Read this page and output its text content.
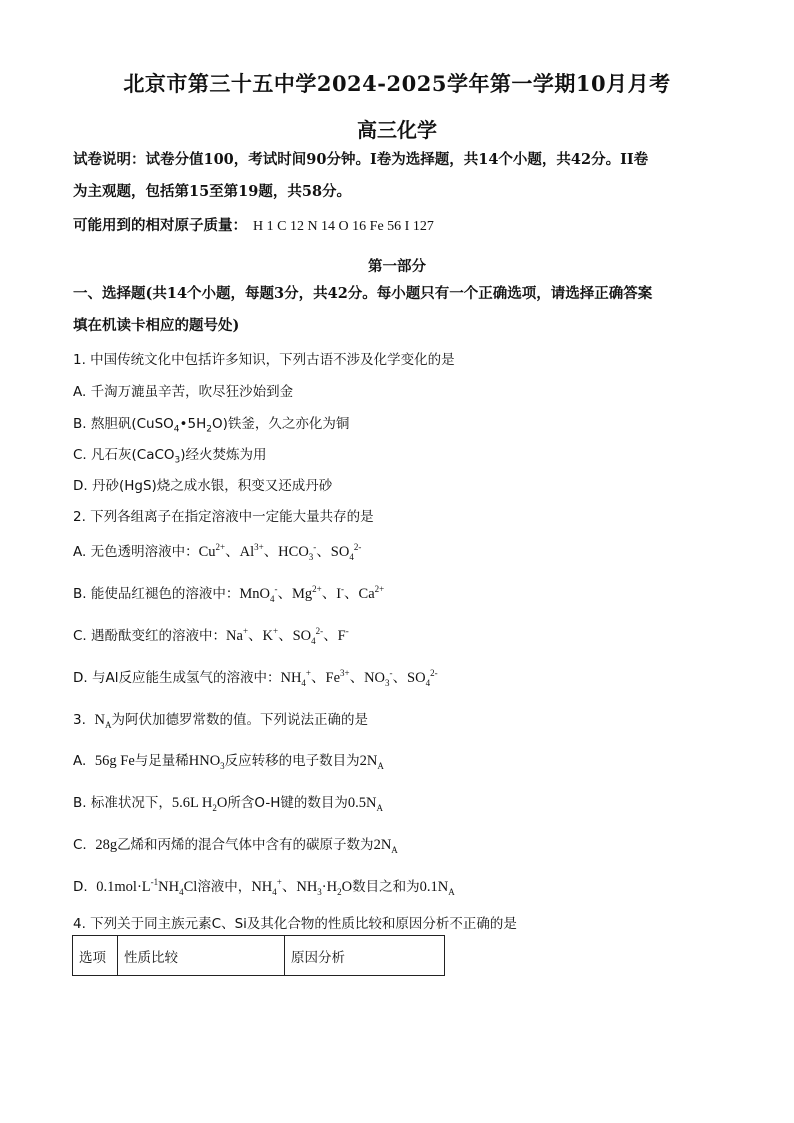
北京市第三十五中学2024-2025学年第一学期10月月考
高三化学
试卷说明：试卷分值100，考试时间90分钟。I卷为选择题，共14个小题，共42分。II卷
为主观题，包括第15至第19题，共58分。
可能用到的相对原子质量： H 1 C 12 N 14 O 16 Fe 56 I 127
第一部分
一、选择题(共14个小题，每题3分，共42分。每小题只有一个正确选项，请选择正确答案
填在机读卡相应的题号处)
1. 中国传统文化中包括许多知识，下列古语不涉及化学变化的是
A. 千淘万漉虽辛苦，吹尽狂沙始到金
B. 熬胆矾$(CuSO_4•5H_2O)$铁釜，久之亦化为铜
C. 凡石灰(CaCO$_3$)经火焚炼为用
D. 丹砂(HgS)烧之成水银，积变又还成丹砂
2. 下列各组离子在指定溶液中一定能大量共存的是
A. 无色透明溶液中：$Cu^{2+}$、$Al^{3+}$、$HCO_3^-$、$SO_4^{2-}$
B. 能使品红褪色的溶液中：MnO$_4$-、$Mg^{2+}$、I-、$Ca^{2+}$
C. 遇酚酞变红的溶液中：Na+、K+、$SO_4^{2-}$、F-
D. 与Al反应能生成氢气的溶液中：$NH_4^+$、$Fe^{3+}$、$NO_3^-$、$SO_4^{2-}$
3.  $N_A$为阿伏加德罗常数的值。下列说法正确的是
A.  56g Fe与足量稀$HNO_3$反应转移的电子数目为$2N_A$
B. 标准状况下，5.6L $H_2O$所含O-H键的数目为$0.5N_A$
C.  28g乙烯和丙烯的混合气体中含有的碳原子数为$2N_A$
D.  $0.1mol\cdot L^{-1}NH_4Cl$溶液中，$NH_4^+$、$NH_3\cdot H_2O$数目之和为$0.1N_A$
4. 下列关于同主族元素C、Si及其化合物的性质比较和原因分析不正确的是
选项	性质比较	原因分析
